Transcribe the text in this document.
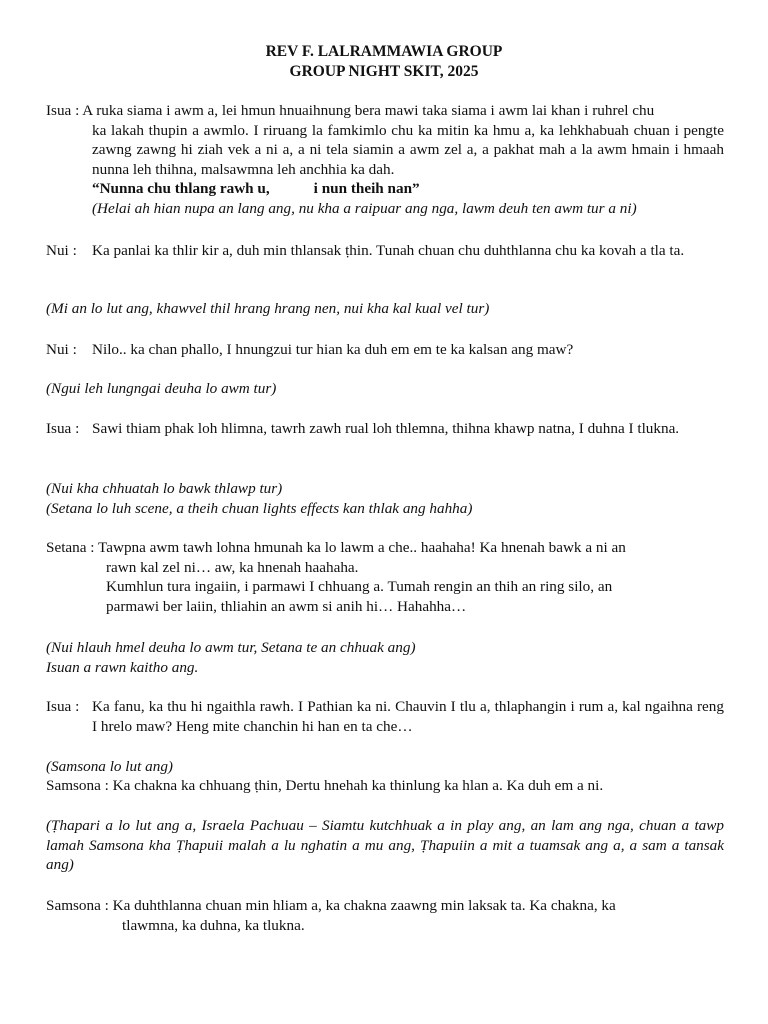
REV F. LALRAMMAWIA GROUP
GROUP NIGHT SKIT, 2025
Isua : A ruka siama i awm a, lei hmun hnuaihnung bera mawi taka siama i awm lai khan i ruhrel chu
ka lakah thupin a awmlo. I riruang la famkimlo chu ka mitin ka hmu a, ka lehkhabuah chuan i pengte zawng zawng hi ziah vek a ni a, a ni tela siamin a awm zel a, a pakhat mah a la awm hmain i hmaah nunna leh thihna, malsawmna leh anchhia ka dah.
“Nunna chu thlang rawh u,	i nun theih nan”
(Helai ah hian nupa an lang ang, nu kha a raipuar ang nga, lawm deuh ten awm tur a ni)
Nui : Ka panlai ka thlir kir a, duh min thlansak ṭhin. Tunah chuan chu duhthlanna chu ka kovah a tla ta.
(Mi an lo lut ang, khawvel thil hrang hrang nen, nui kha kal kual vel tur)
Nui : Nilo.. ka chan phallo, I hnungzui tur hian ka duh em em te ka kalsan ang maw?
(Ngui leh lungngai deuha lo awm tur)
Isua : Sawi thiam phak loh hlimna, tawrh zawh rual loh thlemna, thihna khawp natna, I duhna I tlukna.
(Nui kha chhuatah lo bawk thlawp tur)
(Setana lo luh scene, a theih chuan lights effects kan thlak ang hahha)
Setana : Tawpna awm tawh lohna hmunah ka lo lawm a che.. haahaha! Ka hnenah bawk a ni an
rawn kal zel ni… aw, ka hnenah haahaha.
Kumhlun tura ingaiin, i parmawi I chhuang a. Tumah rengin an thih an ring silo, an
parmawi ber laiin, thliahin an awm si anih hi… Hahahha…
(Nui hlauh hmel deuha lo awm tur, Setana te an chhuak ang)
Isuan a rawn kaitho ang.
Isua : Ka fanu, ka thu hi ngaithla rawh. I Pathian ka ni. Chauvin I tlu a, thlaphangin i rum a, kal ngaihna reng I hrelo maw? Heng mite chanchin hi han en ta che…
(Samsona lo lut ang)
Samsona : Ka chakna ka chhuang ṭhin, Dertu hnehah ka thinlung ka hlan a. Ka duh em a ni.
(Ṭhapari a lo lut ang a, Israela Pachuau – Siamtu kutchhuak a in play ang, an lam ang nga, chuan a tawp lamah Samsona kha Ṭhapuii malah a lu nghatin a mu ang, Ṭhapuiin a mit a tuamsak ang a, a sam a tansak ang)
Samsona : Ka duhthlanna chuan min hliam a, ka chakna zaawng min laksak ta. Ka chakna, ka
tlawmna, ka duhna, ka tlukna.
